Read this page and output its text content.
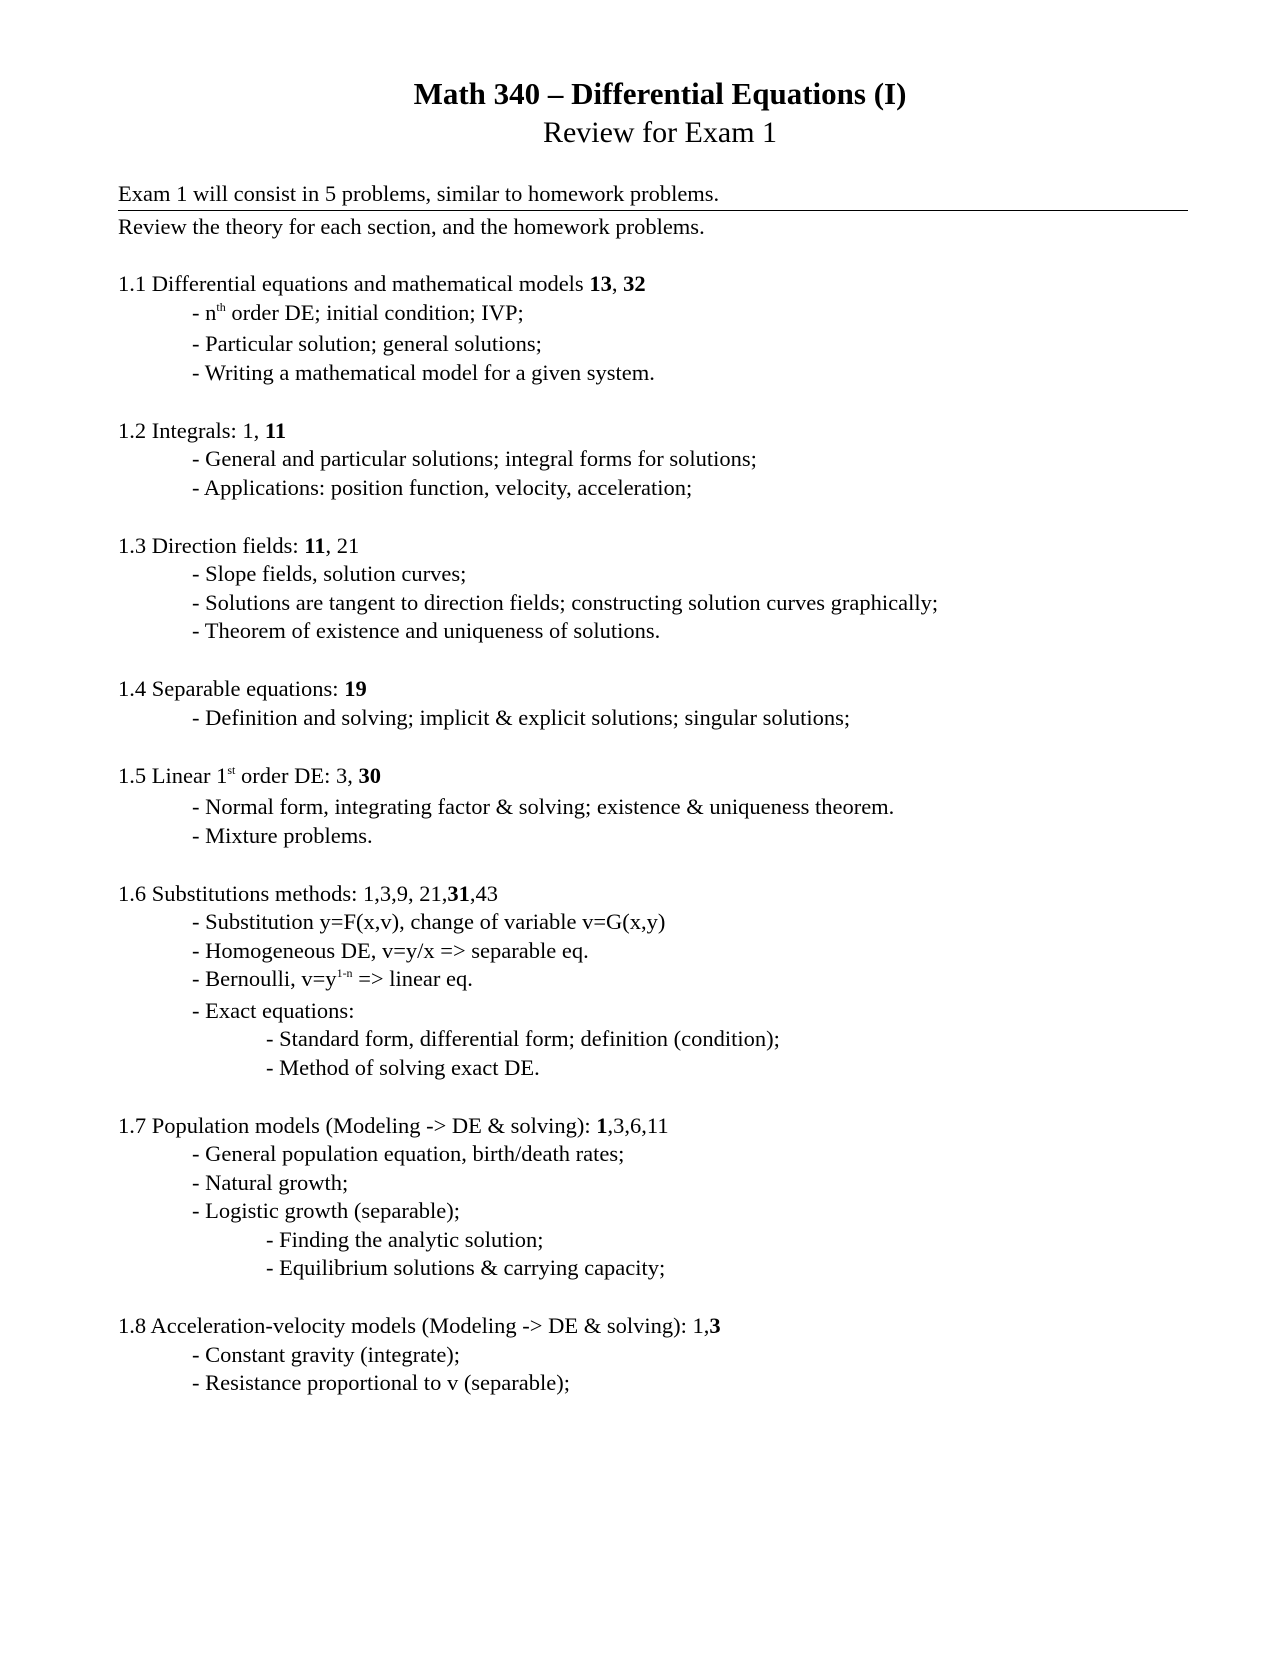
Math 340 – Differential Equations (I)
Review for Exam 1
Exam 1 will consist in 5 problems, similar to homework problems.
Review the theory for each section, and the homework problems.
1.1 Differential equations and mathematical models 13, 32
- $n^{th}$ order DE; initial condition; IVP;
- Particular solution; general solutions;
- Writing a mathematical model for a given system.
1.2 Integrals: 1, 11
- General and particular solutions; integral forms for solutions;
- Applications: position function, velocity, acceleration;
1.3 Direction fields: 11, 21
- Slope fields, solution curves;
- Solutions are tangent to direction fields; constructing solution curves graphically;
- Theorem of existence and uniqueness of solutions.
1.4 Separable equations: 19
- Definition and solving; implicit & explicit solutions; singular solutions;
1.5 Linear 1st order DE: 3, 30
- Normal form, integrating factor & solving; existence & uniqueness theorem.
- Mixture problems.
1.6 Substitutions methods: 1,3,9, 21,31,43
- Substitution y=F(x,v), change of variable v=G(x,y)
- Homogeneous DE, v=y/x => separable eq.
- Bernoulli, $v=y^{1-n}$ => linear eq.
- Exact equations:
- Standard form, differential form; definition (condition);
- Method of solving exact DE.
1.7 Population models (Modeling -> DE & solving): 1,3,6,11
- General population equation, birth/death rates;
- Natural growth;
- Logistic growth (separable);
- Finding the analytic solution;
- Equilibrium solutions & carrying capacity;
1.8 Acceleration-velocity models (Modeling -> DE & solving): 1,3
- Constant gravity (integrate);
- Resistance proportional to v (separable);
